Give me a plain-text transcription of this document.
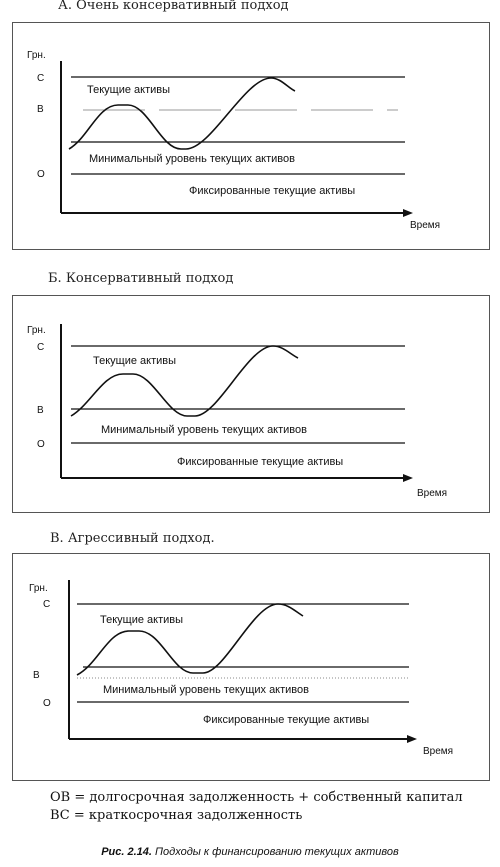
А. Очень консервативный подход
Грн.
C
B
O
Текущие активы
Минимальный уровень текущих активов
Фиксированные текущие активы
Время
Б. Консервативный подход
Грн.
C
B
O
Текущие активы
Минимальный уровень текущих активов
Фиксированные текущие активы
Время
В. Агрессивный подход.
Грн.
C
B
O
Текущие активы
Минимальный уровень текущих активов
Фиксированные текущие активы
Время
OB = долгосрочная задолженность + собственный капитал
BC = краткосрочная задолженность
Рис. 2.14. Подходы к финансированию текущих активов
